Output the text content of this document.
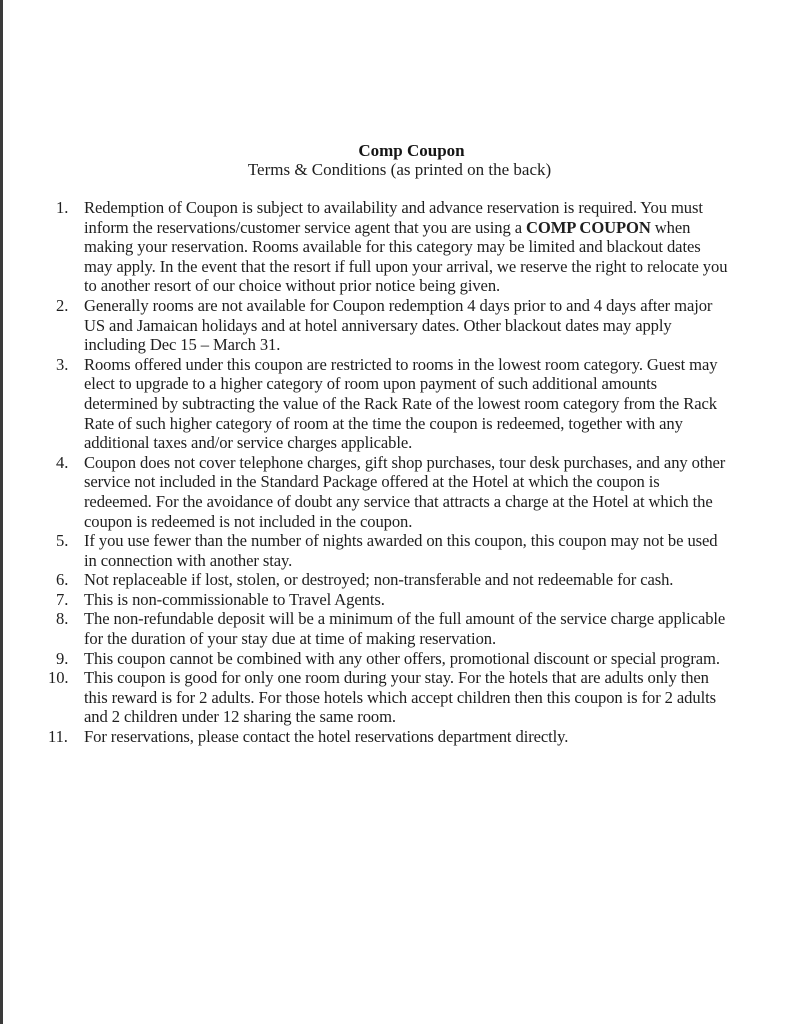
Comp Coupon
Terms & Conditions (as printed on the back)
1. Redemption of Coupon is subject to availability and advance reservation is required. You must inform the reservations/customer service agent that you are using a COMP COUPON when making your reservation. Rooms available for this category may be limited and blackout dates may apply. In the event that the resort if full upon your arrival, we reserve the right to relocate you to another resort of our choice without prior notice being given.
2. Generally rooms are not available for Coupon redemption 4 days prior to and 4 days after major US and Jamaican holidays and at hotel anniversary dates. Other blackout dates may apply including Dec 15 – March 31.
3. Rooms offered under this coupon are restricted to rooms in the lowest room category. Guest may elect to upgrade to a higher category of room upon payment of such additional amounts determined by subtracting the value of the Rack Rate of the lowest room category from the Rack Rate of such higher category of room at the time the coupon is redeemed, together with any additional taxes and/or service charges applicable.
4. Coupon does not cover telephone charges, gift shop purchases, tour desk purchases, and any other service not included in the Standard Package offered at the Hotel at which the coupon is redeemed. For the avoidance of doubt any service that attracts a charge at the Hotel at which the coupon is redeemed is not included in the coupon.
5. If you use fewer than the number of nights awarded on this coupon, this coupon may not be used in connection with another stay.
6. Not replaceable if lost, stolen, or destroyed; non-transferable and not redeemable for cash.
7. This is non-commissionable to Travel Agents.
8. The non-refundable deposit will be a minimum of the full amount of the service charge applicable for the duration of your stay due at time of making reservation.
9. This coupon cannot be combined with any other offers, promotional discount or special program.
10. This coupon is good for only one room during your stay. For the hotels that are adults only then this reward is for 2 adults. For those hotels which accept children then this coupon is for 2 adults and 2 children under 12 sharing the same room.
11. For reservations, please contact the hotel reservations department directly.
